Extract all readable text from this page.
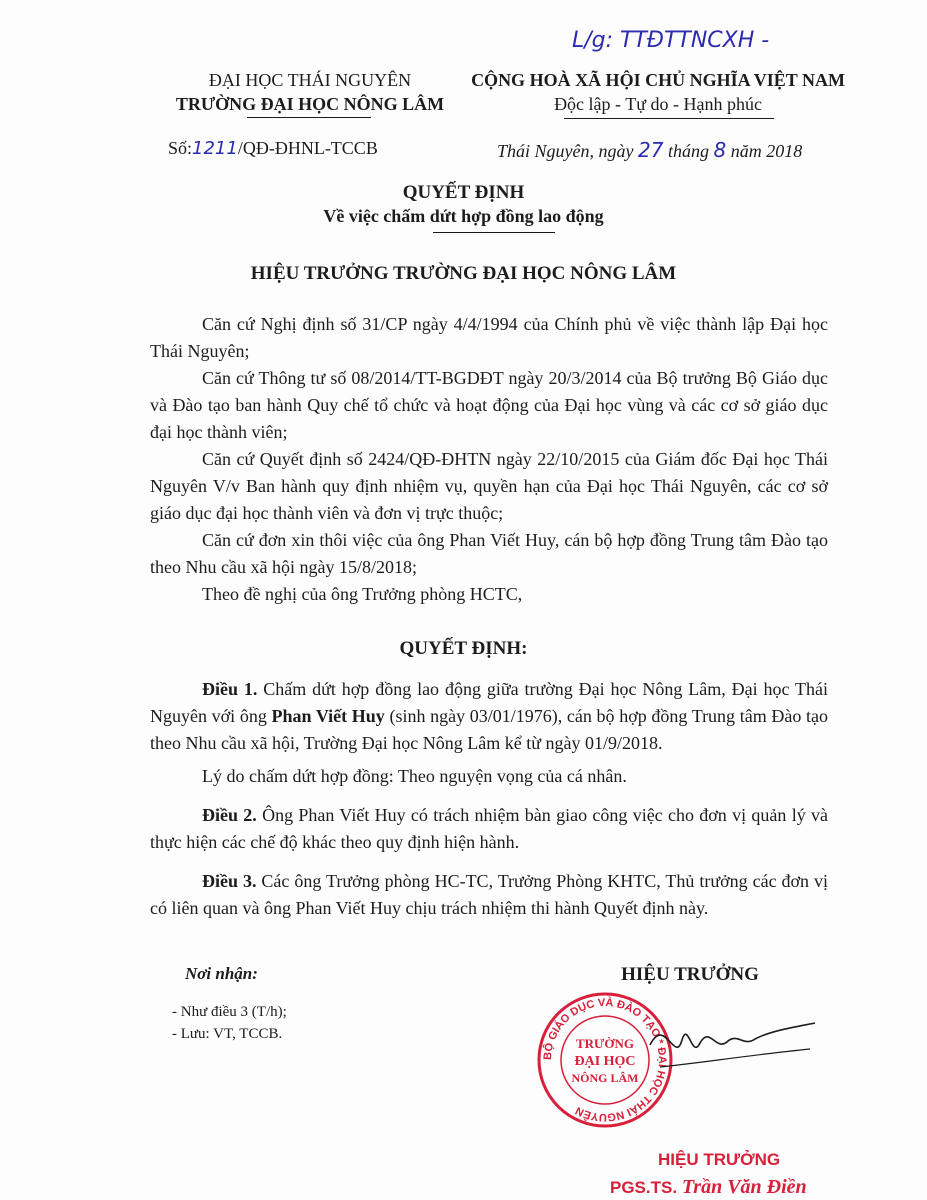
L/g: TTĐTTNCXH -
ĐẠI HỌC THÁI NGUYÊN
TRƯỜNG ĐẠI HỌC NÔNG LÂM
CỘNG HOÀ XÃ HỘI CHỦ NGHĨA VIỆT NAM
Độc lập - Tự do - Hạnh phúc
Số:1211/QĐ-ĐHNL-TCCB	Thái Nguyên, ngày 27 tháng 8 năm 2018
QUYẾT ĐỊNH
Về việc chấm dứt hợp đồng lao động
HIỆU TRƯỞNG TRƯỜNG ĐẠI HỌC NÔNG LÂM

Căn cứ Nghị định số 31/CP ngày 4/4/1994 của Chính phủ về việc thành lập Đại học Thái Nguyên;

Căn cứ Thông tư số 08/2014/TT-BGDĐT ngày 20/3/2014 của Bộ trưởng Bộ Giáo dục và Đào tạo ban hành Quy chế tổ chức và hoạt động của Đại học vùng và các cơ sở giáo dục đại học thành viên;

Căn cứ Quyết định số 2424/QĐ-ĐHTN ngày 22/10/2015 của Giám đốc Đại học Thái Nguyên V/v Ban hành quy định nhiệm vụ, quyền hạn của Đại học Thái Nguyên, các cơ sở giáo dục đại học thành viên và đơn vị trực thuộc;

Căn cứ đơn xin thôi việc của ông Phan Viết Huy, cán bộ hợp đồng Trung tâm Đào tạo theo Nhu cầu xã hội ngày 15/8/2018;

Theo đề nghị của ông Trưởng phòng HCTC,

QUYẾT ĐỊNH:

Điều 1. Chấm dứt hợp đồng lao động giữa trường Đại học Nông Lâm, Đại học Thái Nguyên với ông Phan Viết Huy (sinh ngày 03/01/1976), cán bộ hợp đồng Trung tâm Đào tạo theo Nhu cầu xã hội, Trường Đại học Nông Lâm kể từ ngày 01/9/2018.

Lý do chấm dứt hợp đồng: Theo nguyện vọng của cá nhân.

Điều 2. Ông Phan Viết Huy có trách nhiệm bàn giao công việc cho đơn vị quản lý và thực hiện các chế độ khác theo quy định hiện hành.

Điều 3. Các ông Trưởng phòng HC-TC, Trưởng Phòng KHTC, Thủ trưởng các đơn vị có liên quan và ông Phan Viết Huy chịu trách nhiệm thi hành Quyết định này.

Nơi nhận:
- Như điều 3 (T/h);
- Lưu: VT, TCCB.
HIỆU TRƯỞNG
BỘ GIÁO DỤC VÀ ĐÀO TẠO * ĐẠI HỌC THÁI NGUYÊN
TRƯỜNG
ĐẠI HỌC
NÔNG LÂM
HIỆU TRƯỞNG
PGS.TS. Trần Văn Điền
